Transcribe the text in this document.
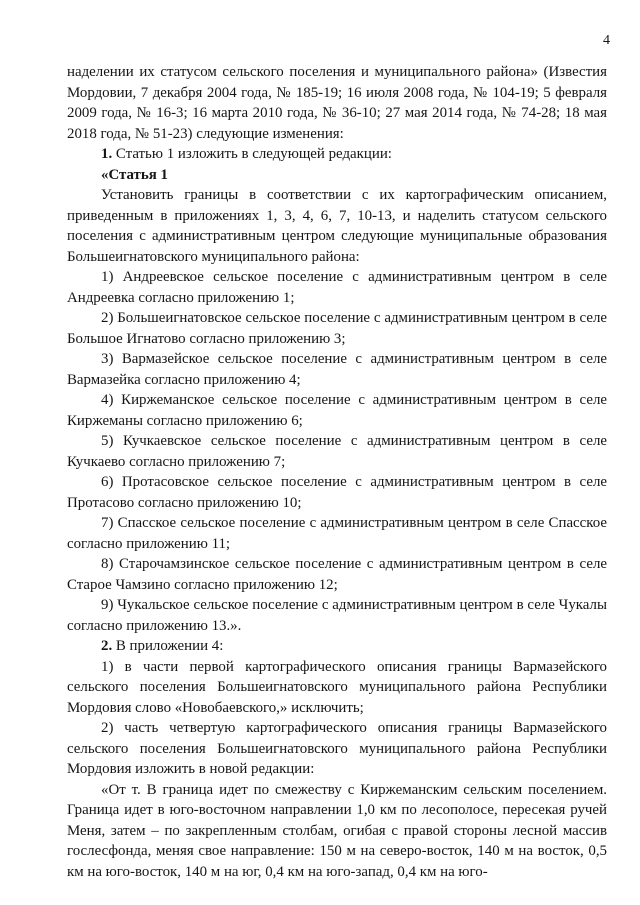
4

наделении их статусом сельского поселения и муниципального района» (Известия Мордовии, 7 декабря 2004 года, № 185-19; 16 июля 2008 года, № 104-19; 5 февраля 2009 года, № 16-3; 16 марта 2010 года, № 36-10; 27 мая 2014 года, № 74-28; 18 мая 2018 года, № 51-23) следующие изменения:

1. Статью 1 изложить в следующей редакции:

«Статья 1

Установить границы в соответствии с их картографическим описанием, приведенным в приложениях 1, 3, 4, 6, 7, 10-13, и наделить статусом сельского поселения с административным центром следующие муниципальные образования Большеигнатовского муниципального района:

1) Андреевское сельское поселение с административным центром в селе Андреевка согласно приложению 1;

2) Большеигнатовское сельское поселение с административным центром в селе Большое Игнатово согласно приложению 3;

3) Вармазейское сельское поселение с административным центром в селе Вармазейка согласно приложению 4;

4) Киржеманское сельское поселение с административным центром в селе Киржеманы согласно приложению 6;

5) Кучкаевское сельское поселение с административным центром в селе Кучкаево согласно приложению 7;

6) Протасовское сельское поселение с административным центром в селе Протасово согласно приложению 10;

7) Спасское сельское поселение с административным центром в селе Спасское согласно приложению 11;

8) Старочамзинское сельское поселение с административным центром в селе Старое Чамзино согласно приложению 12;

9) Чукальское сельское поселение с административным центром в селе Чукалы согласно приложению 13.».

2. В приложении 4:

1) в части первой картографического описания границы Вармазейского сельского поселения Большеигнатовского муниципального района Республики Мордовия слово «Новобаевского,» исключить;

2) часть четвертую картографического описания границы Вармазейского сельского поселения Большеигнатовского муниципального района Республики Мордовия изложить в новой редакции:

«От т. В граница идет по смежеству с Киржеманским сельским поселением. Граница идет в юго-восточном направлении 1,0 км по лесополосе, пересекая ручей Меня, затем – по закрепленным столбам, огибая с правой стороны лесной массив гослесфонда, меняя свое направление: 150 м на северо-восток, 140 м на восток, 0,5 км на юго-восток, 140 м на юг, 0,4 км на юго-запад, 0,4 км на юго-
